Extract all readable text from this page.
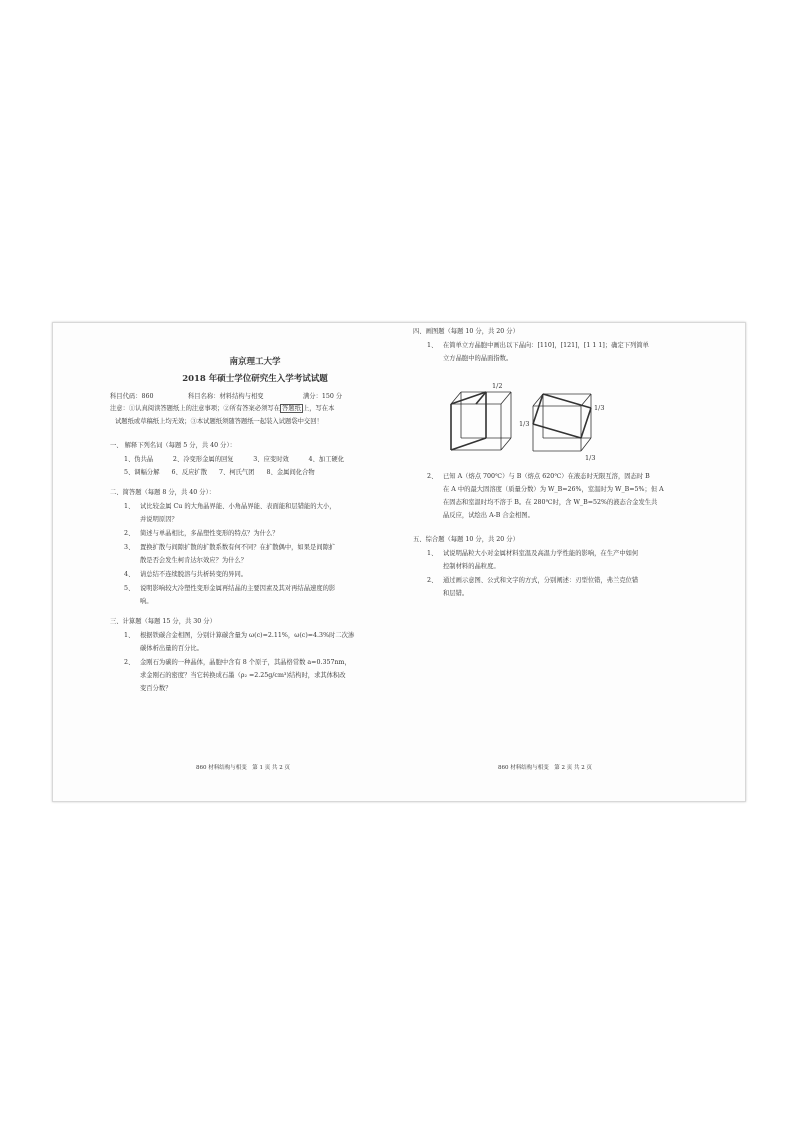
南京理工大学
2018 年硕士学位研究生入学考试试题
科目代码：860	科目名称：材料结构与相变	满分：150 分
注意：①认真阅读答题纸上的注意事项；②所有答案必须写在 答题纸 上，写在本
试题纸或草稿纸上均无效；③本试题纸须随答题纸一起装入试题袋中交回！
一、 解释下列名词（每题 5 分，共 40 分）：
1、伪共晶	2、冷变形金属的回复	3、应变时效	4、加工硬化
5、调幅分解 6、反应扩散 7、柯氏气团 8、金属间化合物
二、简答题（每题 8 分，共 40 分）：
1、 试比较金属 Cu 的大角晶界能、小角晶界能、表面能和层错能的大小，
并说明原因？
2、 简述与单晶相比，多晶塑性变形的特点？为什么？
3、 置换扩散与间隙扩散的扩散系数有何不同？在扩散偶中，如果是间隙扩
散是否会发生柯肯达尔效应？为什么？
4、 请总结不连续脱溶与共析转变的异同。
5、 说明影响较大冷塑性变形金属再结晶的主要因素及其对再结晶速度的影
响。
三、计算题（每题 15 分，共 30 分）
1、 根据铁碳合金相图，分别计算碳含量为 ω(c)=2.11%，ω(c)=4.3%时二次渗
碳体析出量的百分比。
2、 金刚石为碳的一种晶体，晶胞中含有 8 个原子，其晶格常数 a=0.357nm，
求金刚石的密度？当它转换成石墨（ρ₂ =2.25g/cm³)结构时，求其体积改
变百分数？
860 材料结构与相变　第 1 页 共 2 页
四、画图题（每题 10 分，共 20 分）
1、 在简单立方晶胞中画出以下晶向：[110]，[121]，[1 1 1]；确定下列简单
立方晶胞中的晶面指数。
1/2
1/3
1/3
1/3
2、 已知 A（熔点 700℃）与 B（熔点 620℃）在液态时无限互溶，固态时 B
在 A 中的最大固溶度（质量分数）为 W_B=26%，室温时为 W_B=5%；但 A
在固态和室温时均不溶于 B。在 280℃时，含 W_B=52%的液态合金发生共
晶反应，试绘出 A-B 合金相图。
五、综合题（每题 10 分，共 20 分）
1、 试说明晶粒大小对金属材料室温及高温力学性能的影响，在生产中如何
控制材料的晶粒度。
2、 通过画示意图、公式和文字的方式，分别阐述：刃型位错，弗兰克位错
和层错。
860 材料结构与相变　第 2 页 共 2 页
